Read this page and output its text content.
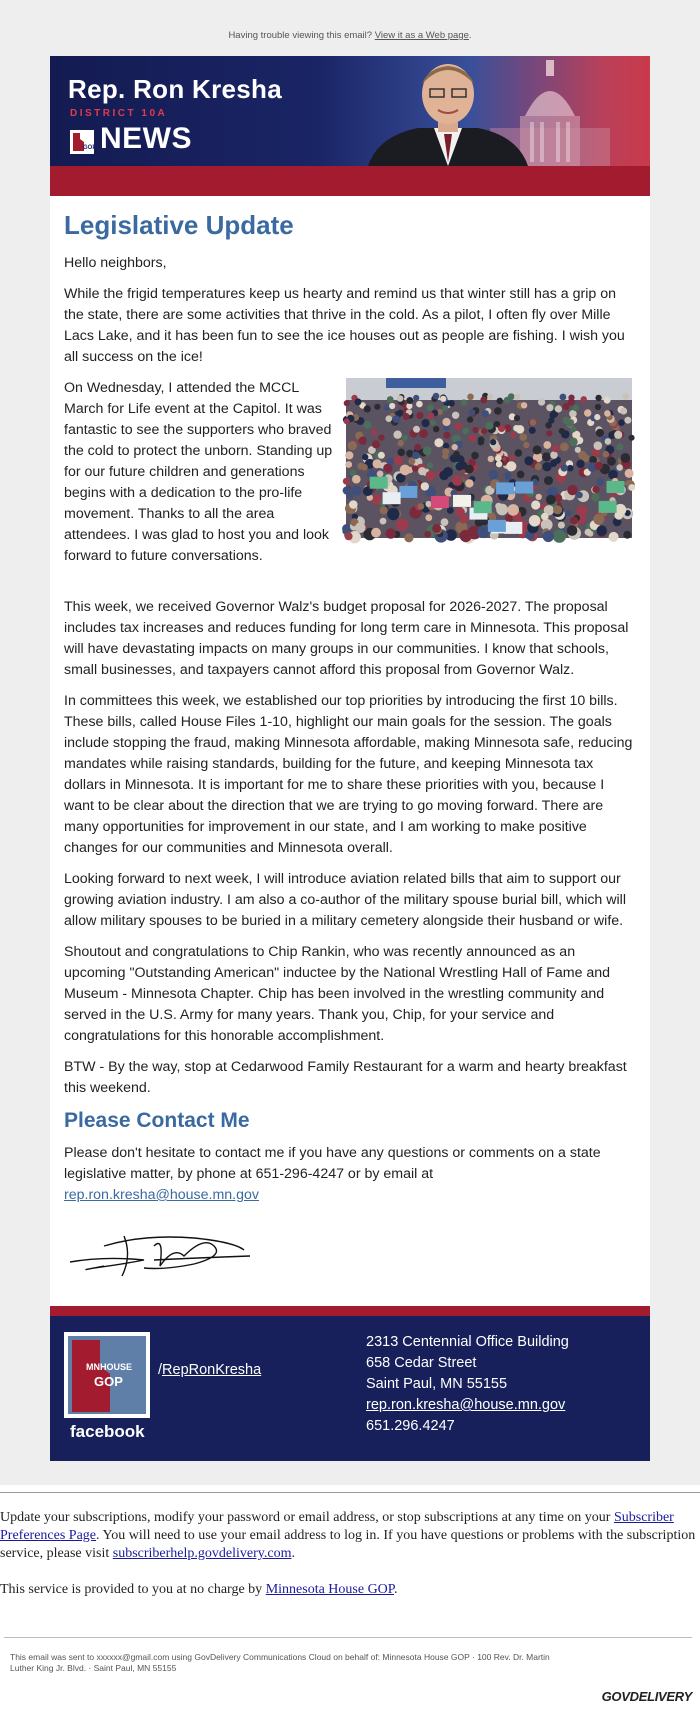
Having trouble viewing this email? View it as a Web page.
Rep. Ron Kresha
DISTRICT 10A
GOP NEWS
Legislative Update

Hello neighbors,

While the frigid temperatures keep us hearty and remind us that winter still has a grip on the state, there are some activities that thrive in the cold. As a pilot, I often fly over Mille Lacs Lake, and it has been fun to see the ice houses out as people are fishing. I wish you all success on the ice!

On Wednesday, I attended the MCCL March for Life event at the Capitol. It was fantastic to see the supporters who braved the cold to protect the unborn. Standing up for our future children and generations begins with a dedication to the pro-life movement. Thanks to all the area attendees. I was glad to host you and look forward to future conversations.

This week, we received Governor Walz's budget proposal for 2026-2027. The proposal includes tax increases and reduces funding for long term care in Minnesota. This proposal will have devastating impacts on many groups in our communities. I know that schools, small businesses, and taxpayers cannot afford this proposal from Governor Walz.

In committees this week, we established our top priorities by introducing the first 10 bills. These bills, called House Files 1-10, highlight our main goals for the session. The goals include stopping the fraud, making Minnesota affordable, making Minnesota safe, reducing mandates while raising standards, building for the future, and keeping Minnesota tax dollars in Minnesota. It is important for me to share these priorities with you, because I want to be clear about the direction that we are trying to go moving forward. There are many opportunities for improvement in our state, and I am working to make positive changes for our communities and Minnesota overall.

Looking forward to next week, I will introduce aviation related bills that aim to support our growing aviation industry. I am also a co-author of the military spouse burial bill, which will allow military spouses to be buried in a military cemetery alongside their husband or wife.

Shoutout and congratulations to Chip Rankin, who was recently announced as an upcoming "Outstanding American" inductee by the National Wrestling Hall of Fame and Museum - Minnesota Chapter. Chip has been involved in the wrestling community and served in the U.S. Army for many years. Thank you, Chip, for your service and congratulations for this honorable accomplishment.

BTW - By the way, stop at Cedarwood Family Restaurant for a warm and hearty breakfast this weekend.

Please Contact Me

Please don't hesitate to contact me if you have any questions or comments on a state legislative matter, by phone at 651-296-4247 or by email at
rep.ron.kresha@house.mn.gov

MNHOUSE
GOP
facebook
/RepRonKresha
2313 Centennial Office Building
658 Cedar Street
Saint Paul, MN 55155
rep.ron.kresha@house.mn.gov
651.296.4247

Update your subscriptions, modify your password or email address, or stop subscriptions at any time on your Subscriber Preferences Page. You will need to use your email address to log in. If you have questions or problems with the subscription service, please visit subscriberhelp.govdelivery.com.

This service is provided to you at no charge by Minnesota House GOP.

This email was sent to xxxxxx@gmail.com using GovDelivery Communications Cloud on behalf of: Minnesota House GOP · 100 Rev. Dr. Martin Luther King Jr. Blvd. · Saint Paul, MN 55155
GOVDELIVERY
